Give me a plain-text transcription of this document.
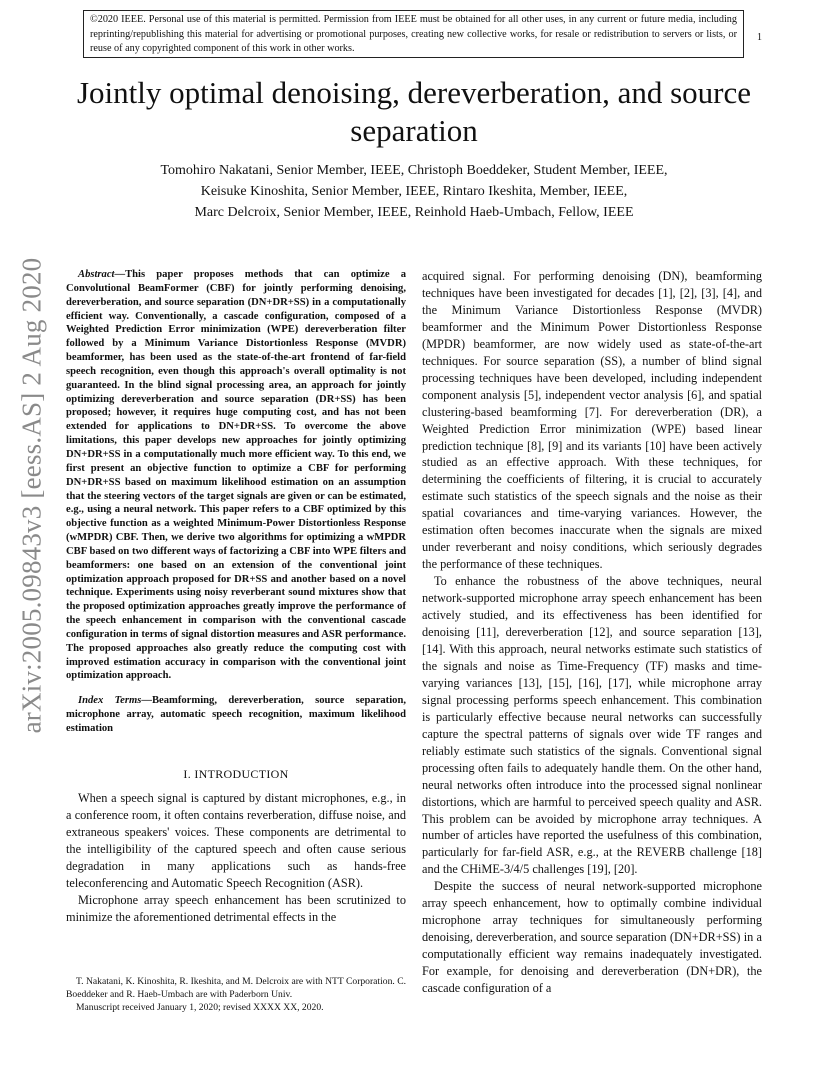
©2020 IEEE. Personal use of this material is permitted. Permission from IEEE must be obtained for all other uses, in any current or future media, including reprinting/republishing this material for advertising or promotional purposes, creating new collective works, for resale or redistribution to servers or lists, or reuse of any copyrighted component of this work in other works.
1
arXiv:2005.09843v3 [eess.AS] 2 Aug 2020
Jointly optimal denoising, dereverberation, and source separation
Tomohiro Nakatani, Senior Member, IEEE, Christoph Boeddeker, Student Member, IEEE,
Keisuke Kinoshita, Senior Member, IEEE, Rintaro Ikeshita, Member, IEEE,
Marc Delcroix, Senior Member, IEEE, Reinhold Haeb-Umbach, Fellow, IEEE
Abstract—This paper proposes methods that can optimize a Convolutional BeamFormer (CBF) for jointly performing denoising, dereverberation, and source separation (DN+DR+SS) in a computationally efficient way. Conventionally, a cascade configuration, composed of a Weighted Prediction Error minimization (WPE) dereverberation filter followed by a Minimum Variance Distortionless Response (MVDR) beamformer, has been used as the state-of-the-art frontend of far-field speech recognition, even though this approach's overall optimality is not guaranteed. In the blind signal processing area, an approach for jointly optimizing dereverberation and source separation (DR+SS) has been proposed; however, it requires huge computing cost, and has not been extended for applications to DN+DR+SS. To overcome the above limitations, this paper develops new approaches for jointly optimizing DN+DR+SS in a computationally much more efficient way. To this end, we first present an objective function to optimize a CBF for performing DN+DR+SS based on maximum likelihood estimation on an assumption that the steering vectors of the target signals are given or can be estimated, e.g., using a neural network. This paper refers to a CBF optimized by this objective function as a weighted Minimum-Power Distortionless Response (wMPDR) CBF. Then, we derive two algorithms for optimizing a wMPDR CBF based on two different ways of factorizing a CBF into WPE filters and beamformers: one based on an extension of the conventional joint optimization approach proposed for DR+SS and another based on a novel technique. Experiments using noisy reverberant sound mixtures show that the proposed optimization approaches greatly improve the performance of the speech enhancement in comparison with the conventional cascade configuration in terms of signal distortion measures and ASR performance. The proposed approaches also greatly reduce the computing cost with improved estimation accuracy in comparison with the conventional joint optimization approach.
Index Terms—Beamforming, dereverberation, source separation, microphone array, automatic speech recognition, maximum likelihood estimation
I. INTRODUCTION

When a speech signal is captured by distant microphones, e.g., in a conference room, it often contains reverberation, diffuse noise, and extraneous speakers' voices. These components are detrimental to the intelligibility of the captured speech and often cause serious degradation in many applications such as hands-free teleconferencing and Automatic Speech Recognition (ASR).

Microphone array speech enhancement has been scrutinized to minimize the aforementioned detrimental effects in the

acquired signal. For performing denoising (DN), beamforming techniques have been investigated for decades [1], [2], [3], [4], and the Minimum Variance Distortionless Response (MVDR) beamformer and the Minimum Power Distortionless Response (MPDR) beamformer, are now widely used as state-of-the-art techniques. For source separation (SS), a number of blind signal processing techniques have been developed, including independent component analysis [5], independent vector analysis [6], and spatial clustering-based beamforming [7]. For dereverberation (DR), a Weighted Prediction Error minimization (WPE) based linear prediction technique [8], [9] and its variants [10] have been actively studied as an effective approach. With these techniques, for determining the coefficients of filtering, it is crucial to accurately estimate such statistics of the speech signals and the noise as their spatial covariances and time-varying variances. However, the estimation often becomes inaccurate when the signals are mixed under reverberant and noisy conditions, which seriously degrades the performance of these techniques.

To enhance the robustness of the above techniques, neural network-supported microphone array speech enhancement has been actively studied, and its effectiveness has been identified for denoising [11], dereverberation [12], and source separation [13], [14]. With this approach, neural networks estimate such statistics of the signals and noise as Time-Frequency (TF) masks and time-varying variances [13], [15], [16], [17], while microphone array signal processing performs speech enhancement. This combination is particularly effective because neural networks can successfully capture the spectral patterns of signals over wide TF ranges and reliably estimate such statistics of the signals. Conventional signal processing often fails to adequately handle them. On the other hand, neural networks often introduce into the processed signal nonlinear distortions, which are harmful to perceived speech quality and ASR. This problem can be avoided by microphone array techniques. A number of articles have reported the usefulness of this combination, particularly for far-field ASR, e.g., at the REVERB challenge [18] and the CHiME-3/4/5 challenges [19], [20].

Despite the success of neural network-supported microphone array speech enhancement, how to optimally combine individual microphone array techniques for simultaneously performing denoising, dereverberation, and source separation (DN+DR+SS) in a computationally efficient way remains inadequately investigated. For example, for denoising and dereverberation (DN+DR), the cascade configuration of a

T. Nakatani, K. Kinoshita, R. Ikeshita, and M. Delcroix are with NTT Corporation. C. Boeddeker and R. Haeb-Umbach are with Paderborn Univ.

Manuscript received January 1, 2020; revised XXXX XX, 2020.
